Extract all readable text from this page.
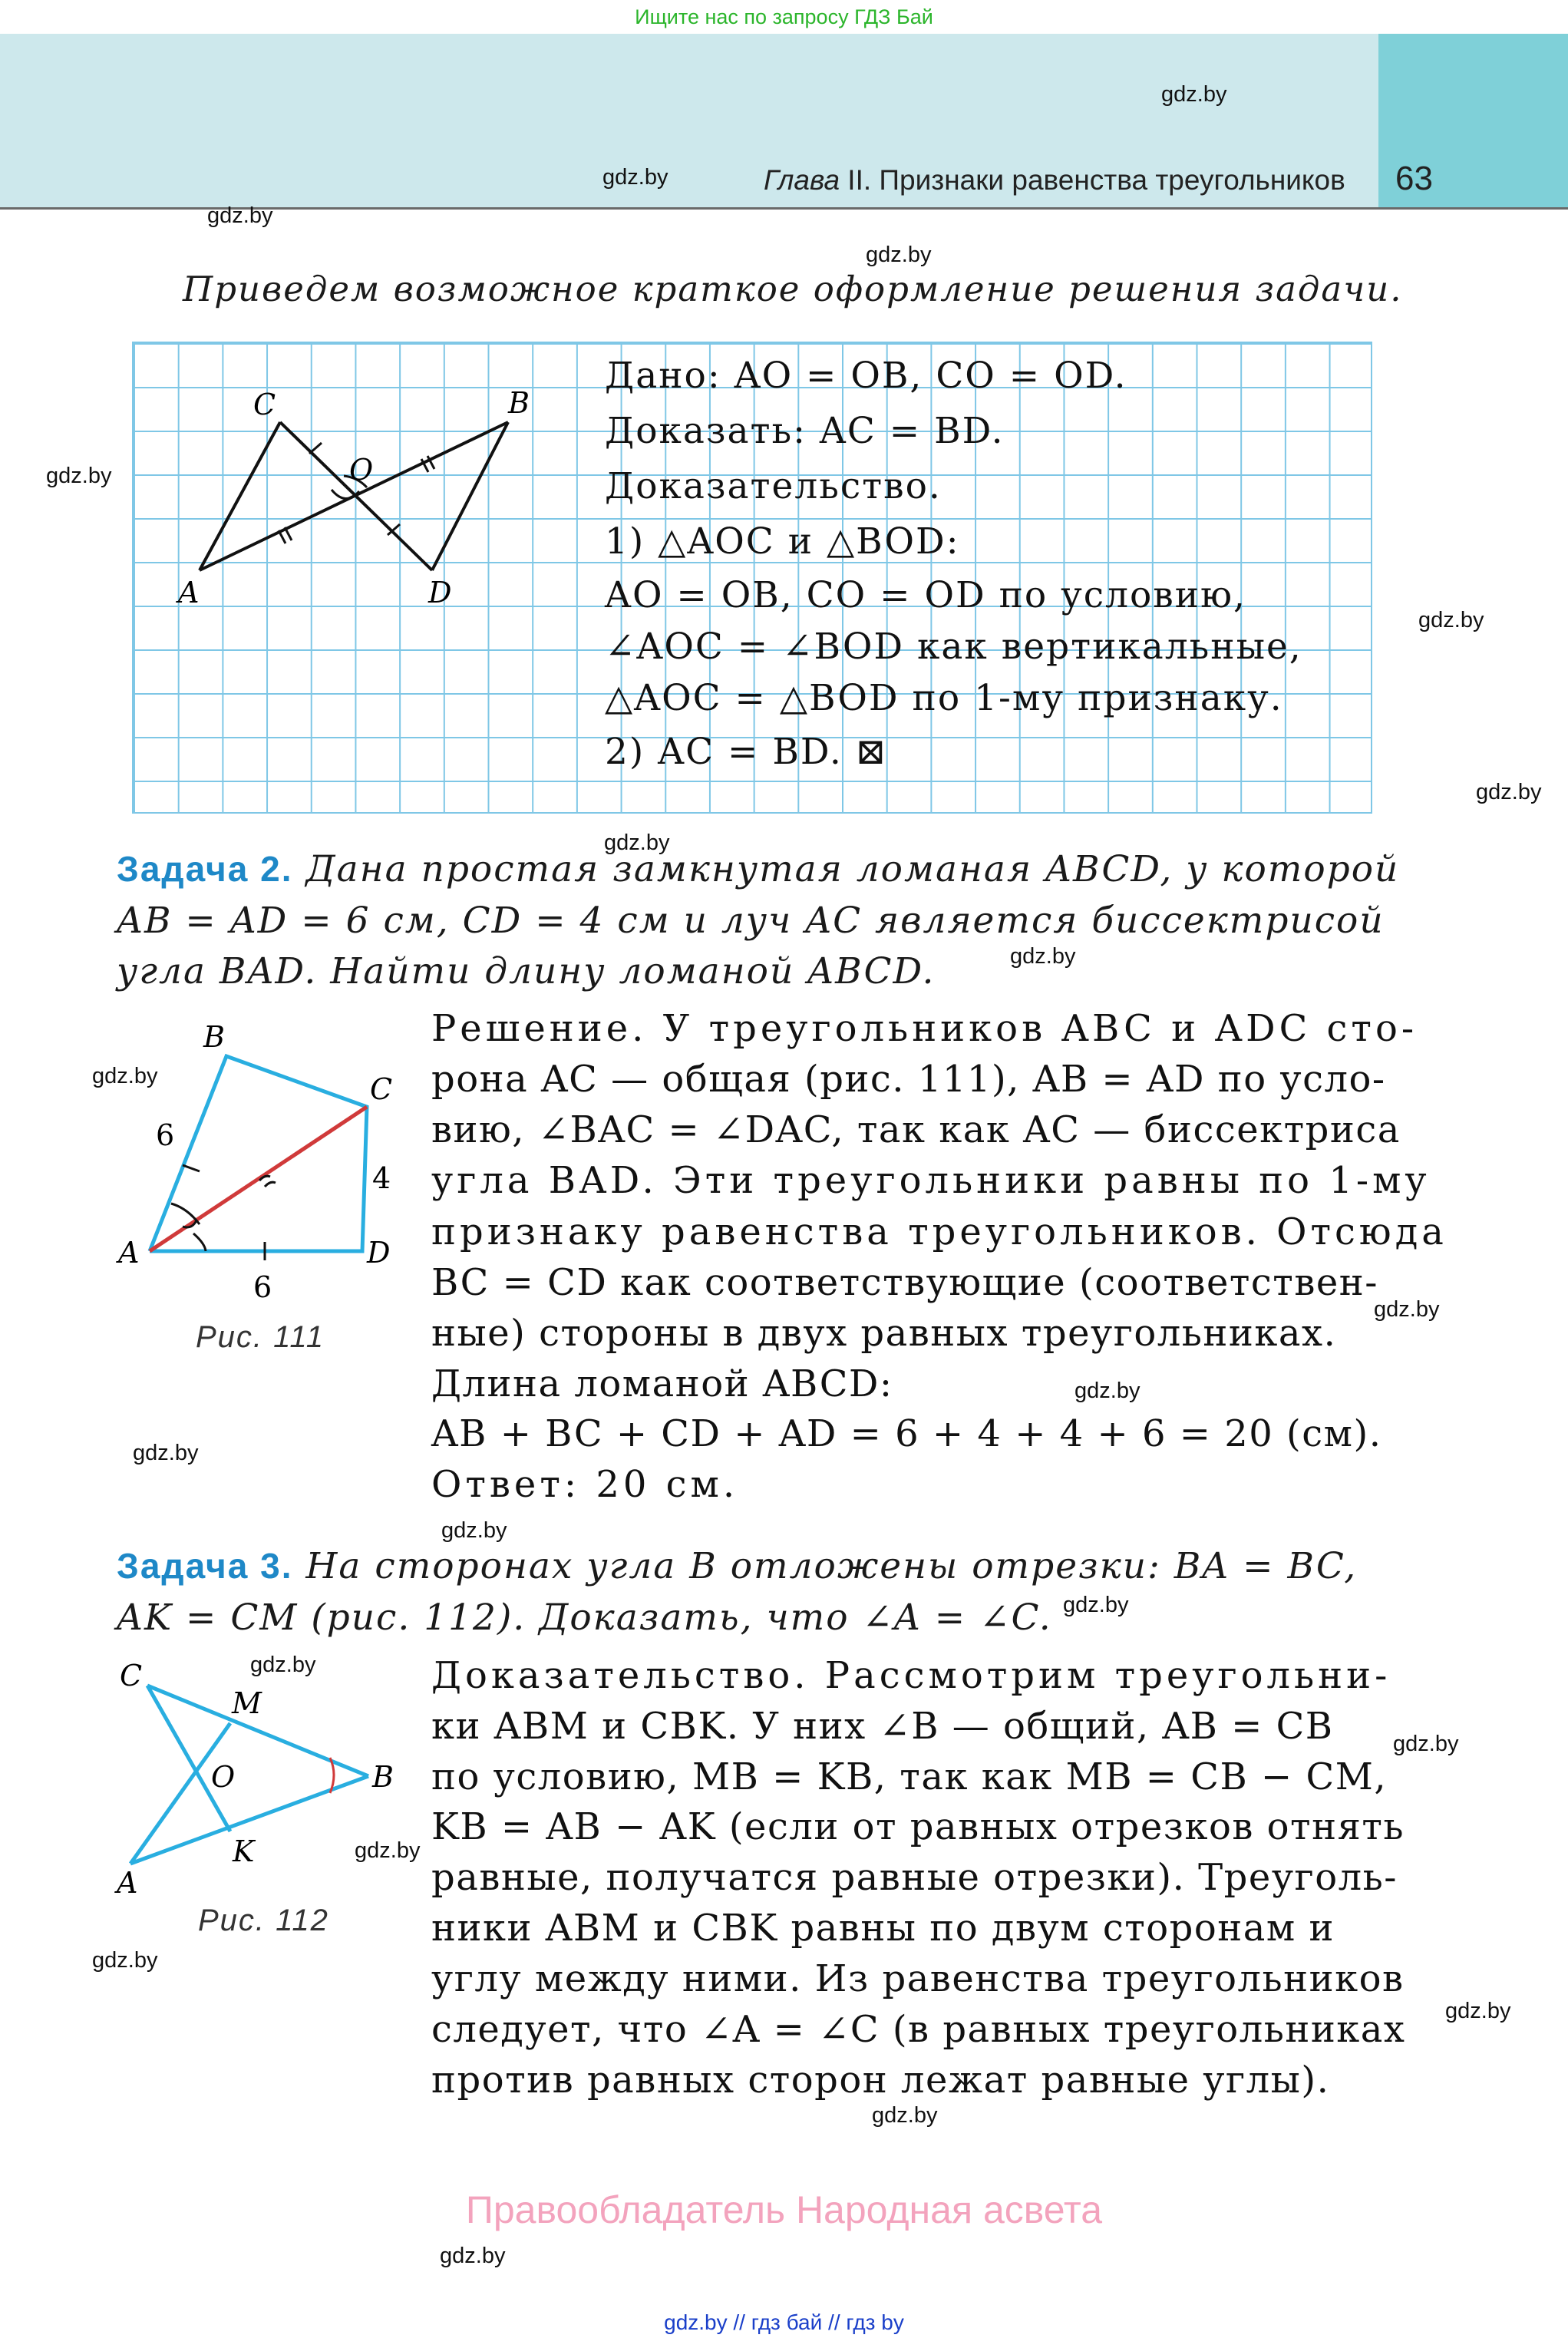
Ищите нас по запросу ГДЗ Бай
Глава II. Признаки равенства треугольников 63
gdz.by
gdz.by
gdz.by
gdz.by
gdz.by
gdz.by
gdz.by
gdz.by
gdz.by
gdz.by
gdz.by
gdz.by
gdz.by
gdz.by
gdz.by
gdz.by
gdz.by
gdz.by
gdz.by
gdz.by
gdz.by
gdz.by
Приведем возможное краткое оформление решения задачи.
C	B
O
A	D
Дано: AO = OB, CO = OD.
Доказать: AC = BD.
Доказательство.
1) △AOC и △BOD:
AO = OB, CO = OD по условию,
∠AOC = ∠BOD как вертикальные,
△AOC = △BOD по 1-му признаку.
2) AC = BD. ⊠
Задача 2. Дана простая замкнутая ломаная ABCD, у которой
AB = AD = 6 см, CD = 4 см и луч AC является биссектрисой
угла BAD. Найти длину ломаной ABCD.
B
C
A	D
6
6
4
Рис. 111
Решение. У треугольников ABC и ADC сто-
рона AC — общая (рис. 111), AB = AD по усло-
вию, ∠BAC = ∠DAC, так как AC — биссектриса
угла BAD. Эти треугольники равны по 1-му
признаку равенства треугольников. Отсюда
BC = CD как соответствующие (соответствен-
ные) стороны в двух равных треугольниках.
Длина ломаной ABCD:
AB + BC + CD + AD = 6 + 4 + 4 + 6 = 20 (см).
Ответ: 20 см.
Задача 3. На сторонах угла B отложены отрезки: BA = BC,
AK = CM (рис. 112). Доказать, что ∠A = ∠C.
C
M
O	B
A
K
Рис. 112
Доказательство. Рассмотрим треугольни-
ки ABM и CBK. У них ∠B — общий, AB = CB
по условию, MB = KB, так как MB = CB − CM,
KB = AB − AK (если от равных отрезков отнять
равные, получатся равные отрезки). Треуголь-
ники ABM и CBK равны по двум сторонам и
углу между ними. Из равенства треугольников
следует, что ∠A = ∠C (в равных треугольниках
против равных сторон лежат равные углы).
Правообладатель Народная асвета
gdz.by // гдз бай // гдз by
